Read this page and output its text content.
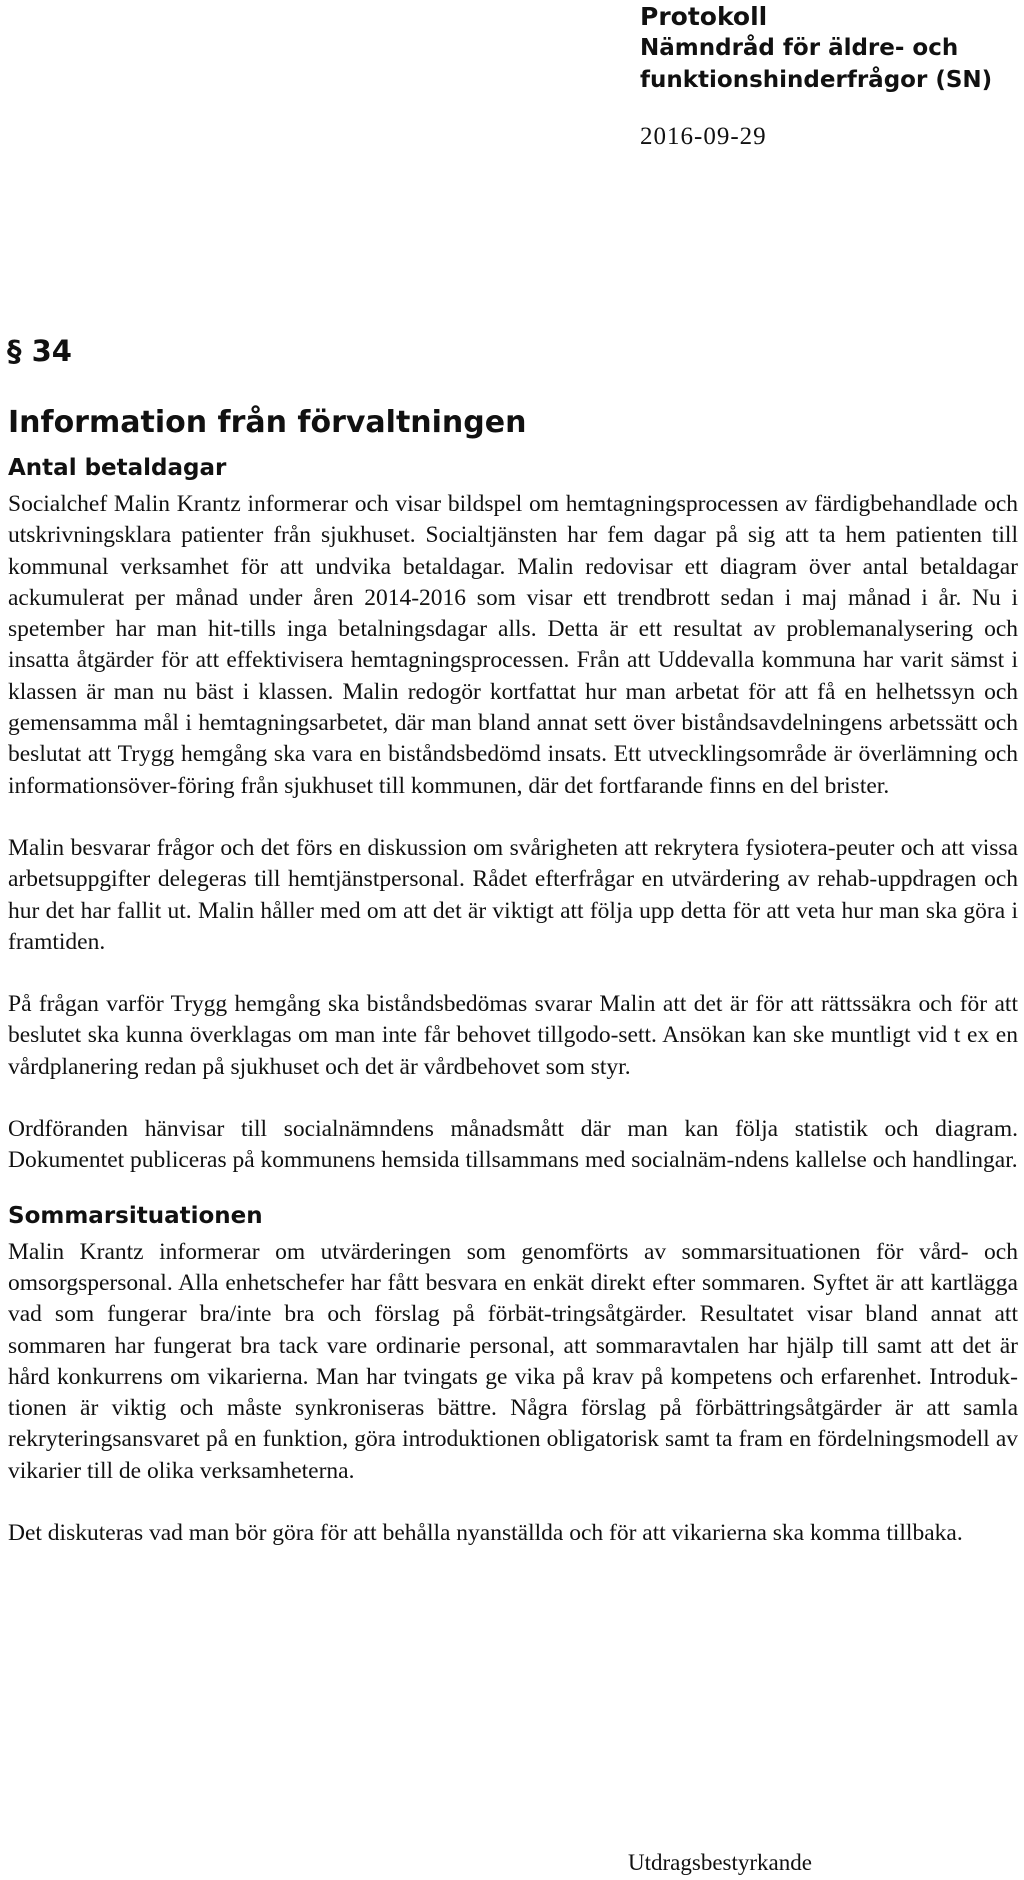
Protokoll
Nämndråd för äldre- och
funktionshinderfrågor (SN)
2016-09-29
§ 34
Information från förvaltningen
Antal betaldagar

Socialchef Malin Krantz informerar och visar bildspel om hemtagningsprocessen av färdigbehandlade och utskrivningsklara patienter från sjukhuset. Socialtjänsten har fem dagar på sig att ta hem patienten till kommunal verksamhet för att undvika betaldagar. Malin redovisar ett diagram över antal betaldagar ackumulerat per månad under åren 2014-2016 som visar ett trendbrott sedan i maj månad i år. Nu i spetember har man hit-tills inga betalningsdagar alls. Detta är ett resultat av problemanalysering och insatta åtgärder för att effektivisera hemtagningsprocessen. Från att Uddevalla kommuna har varit sämst i klassen är man nu bäst i klassen. Malin redogör kortfattat hur man arbetat för att få en helhetssyn och gemensamma mål i hemtagningsarbetet, där man bland annat sett över biståndsavdelningens arbetssätt och beslutat att Trygg hemgång ska vara en biståndsbedömd insats. Ett utvecklingsområde är överlämning och informationsöver-föring från sjukhuset till kommunen, där det fortfarande finns en del brister.

Malin besvarar frågor och det förs en diskussion om svårigheten att rekrytera fysiotera-peuter och att vissa arbetsuppgifter delegeras till hemtjänstpersonal. Rådet efterfrågar en utvärdering av rehab-uppdragen och hur det har fallit ut. Malin håller med om att det är viktigt att följa upp detta för att veta hur man ska göra i framtiden.

På frågan varför Trygg hemgång ska biståndsbedömas svarar Malin att det är för att rättssäkra och för att beslutet ska kunna överklagas om man inte får behovet tillgodo-sett. Ansökan kan ske muntligt vid t ex en vårdplanering redan på sjukhuset och det är vårdbehovet som styr.

Ordföranden hänvisar till socialnämndens månadsmått där man kan följa statistik och diagram. Dokumentet publiceras på kommunens hemsida tillsammans med socialnäm-ndens kallelse och handlingar.

Sommarsituationen

Malin Krantz informerar om utvärderingen som genomförts av sommarsituationen för vård- och omsorgspersonal. Alla enhetschefer har fått besvara en enkät direkt efter sommaren. Syftet är att kartlägga vad som fungerar bra/inte bra och förslag på förbät-tringsåtgärder. Resultatet visar bland annat att sommaren har fungerat bra tack vare ordinarie personal, att sommaravtalen har hjälp till samt att det är hård konkurrens om vikarierna. Man har tvingats ge vika på krav på kompetens och erfarenhet. Introduk-tionen är viktig och måste synkroniseras bättre. Några förslag på förbättringsåtgärder är att samla rekryteringsansvaret på en funktion, göra introduktionen obligatorisk samt ta fram en fördelningsmodell av vikarier till de olika verksamheterna.

Det diskuteras vad man bör göra för att behålla nyanställda och för att vikarierna ska komma tillbaka.

Utdragsbestyrkande
